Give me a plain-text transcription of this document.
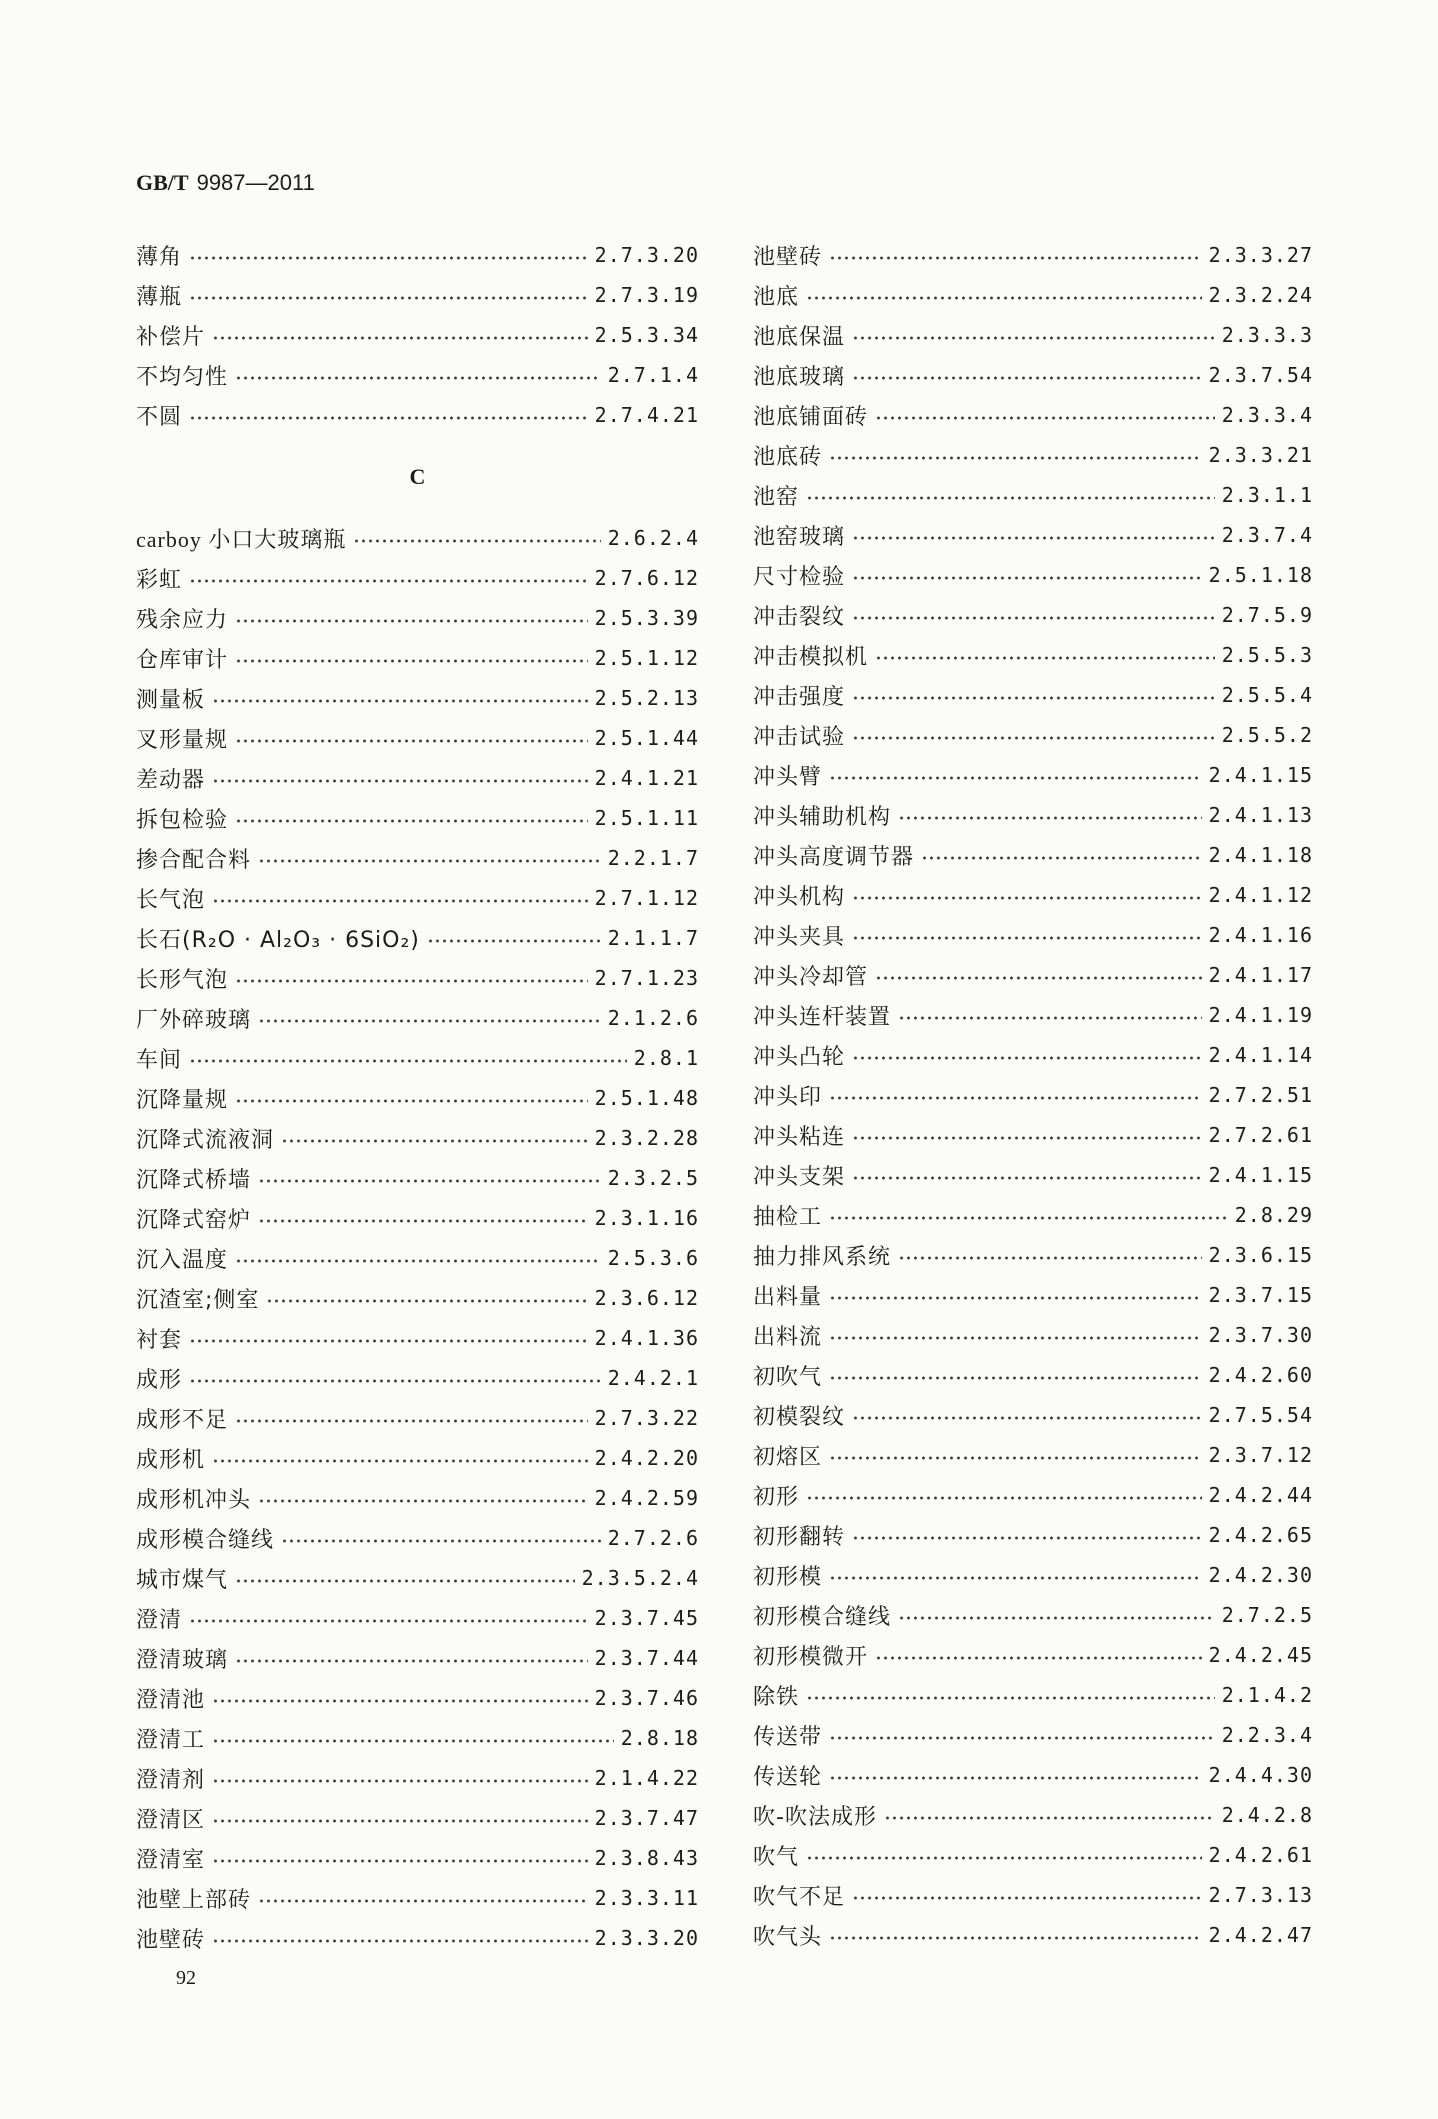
GB/T 9987—2011
薄角	2.7.3.20
薄瓶	2.7.3.19
补偿片	2.5.3.34
不均匀性	2.7.1.4
不圆	2.7.4.21
C
carboy 小口大玻璃瓶	2.6.2.4
彩虹	2.7.6.12
残余应力	2.5.3.39
仓库审计	2.5.1.12
测量板	2.5.2.13
叉形量规	2.5.1.44
差动器	2.4.1.21
拆包检验	2.5.1.11
掺合配合料	2.2.1.7
长气泡	2.7.1.12
长石(R₂O · Al₂O₃ · 6SiO₂)	2.1.1.7
长形气泡	2.7.1.23
厂外碎玻璃	2.1.2.6
车间	2.8.1
沉降量规	2.5.1.48
沉降式流液洞	2.3.2.28
沉降式桥墙	2.3.2.5
沉降式窑炉	2.3.1.16
沉入温度	2.5.3.6
沉渣室;侧室	2.3.6.12
衬套	2.4.1.36
成形	2.4.2.1
成形不足	2.7.3.22
成形机	2.4.2.20
成形机冲头	2.4.2.59
成形模合缝线	2.7.2.6
城市煤气	2.3.5.2.4
澄清	2.3.7.45
澄清玻璃	2.3.7.44
澄清池	2.3.7.46
澄清工	2.8.18
澄清剂	2.1.4.22
澄清区	2.3.7.47
澄清室	2.3.8.43
池壁上部砖	2.3.3.11
池壁砖	2.3.3.20
池壁砖	2.3.3.27
池底	2.3.2.24
池底保温	2.3.3.3
池底玻璃	2.3.7.54
池底铺面砖	2.3.3.4
池底砖	2.3.3.21
池窑	2.3.1.1
池窑玻璃	2.3.7.4
尺寸检验	2.5.1.18
冲击裂纹	2.7.5.9
冲击模拟机	2.5.5.3
冲击强度	2.5.5.4
冲击试验	2.5.5.2
冲头臂	2.4.1.15
冲头辅助机构	2.4.1.13
冲头高度调节器	2.4.1.18
冲头机构	2.4.1.12
冲头夹具	2.4.1.16
冲头冷却管	2.4.1.17
冲头连杆装置	2.4.1.19
冲头凸轮	2.4.1.14
冲头印	2.7.2.51
冲头粘连	2.7.2.61
冲头支架	2.4.1.15
抽检工	2.8.29
抽力排风系统	2.3.6.15
出料量	2.3.7.15
出料流	2.3.7.30
初吹气	2.4.2.60
初模裂纹	2.7.5.54
初熔区	2.3.7.12
初形	2.4.2.44
初形翻转	2.4.2.65
初形模	2.4.2.30
初形模合缝线	2.7.2.5
初形模微开	2.4.2.45
除铁	2.1.4.2
传送带	2.2.3.4
传送轮	2.4.4.30
吹-吹法成形	2.4.2.8
吹气	2.4.2.61
吹气不足	2.7.3.13
吹气头	2.4.2.47
92
